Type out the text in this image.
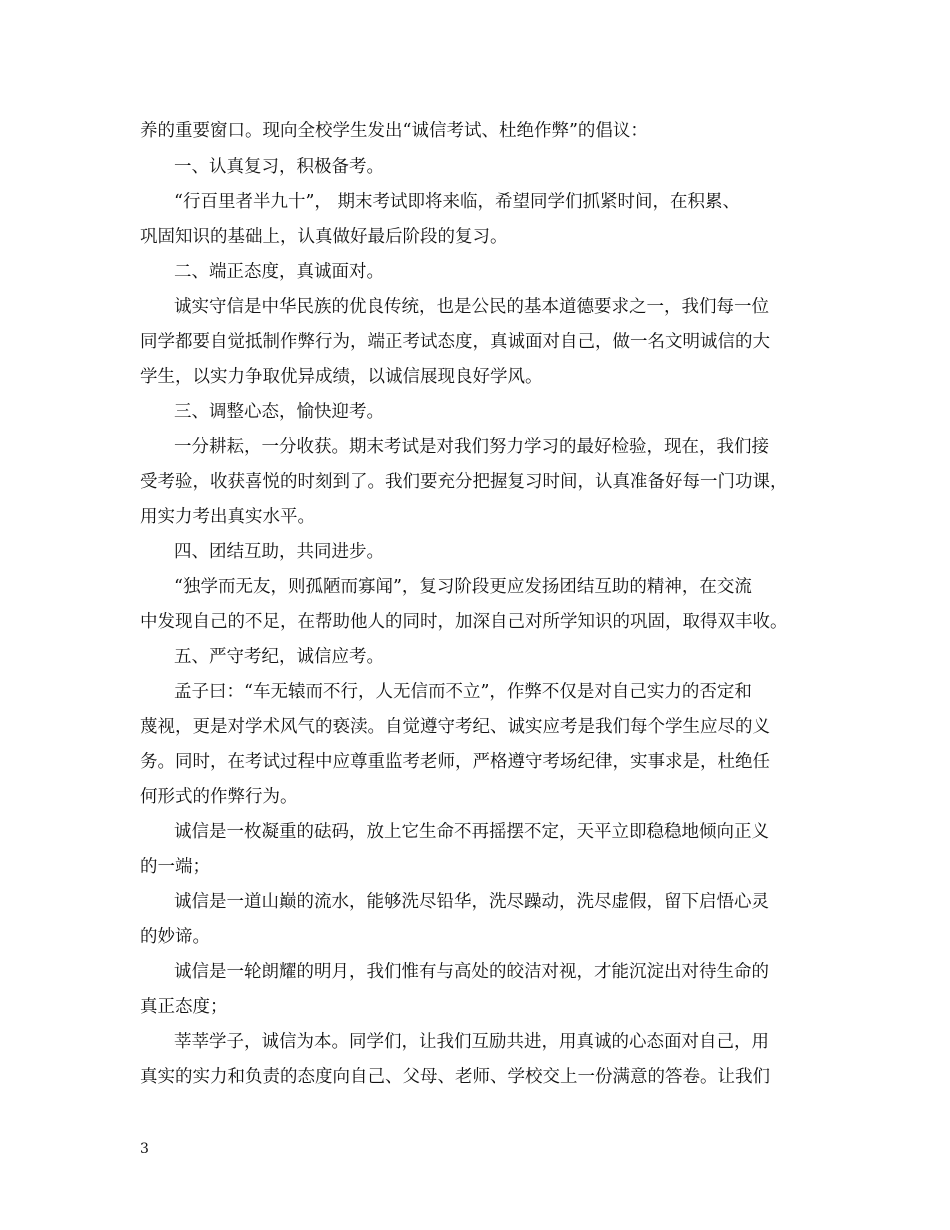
养的重要窗口。现向全校学生发出“诚信考试、杜绝作弊”的倡议：
一、认真复习，积极备考。
“行百里者半九十”， 期末考试即将来临，希望同学们抓紧时间，在积累、
巩固知识的基础上，认真做好最后阶段的复习。
二、端正态度，真诚面对。
诚实守信是中华民族的优良传统，也是公民的基本道德要求之一，我们每一位
同学都要自觉抵制作弊行为，端正考试态度，真诚面对自己，做一名文明诚信的大
学生，以实力争取优异成绩，以诚信展现良好学风。
三、调整心态，愉快迎考。
一分耕耘，一分收获。期末考试是对我们努力学习的最好检验，现在，我们接
受考验，收获喜悦的时刻到了。我们要充分把握复习时间，认真准备好每一门功课，
用实力考出真实水平。
四、团结互助，共同进步。
“独学而无友，则孤陋而寡闻”，复习阶段更应发扬团结互助的精神，在交流
中发现自己的不足，在帮助他人的同时，加深自己对所学知识的巩固，取得双丰收。
五、严守考纪，诚信应考。
孟子曰：“车无辕而不行，人无信而不立”，作弊不仅是对自己实力的否定和
蔑视，更是对学术风气的亵渎。自觉遵守考纪、诚实应考是我们每个学生应尽的义
务。同时，在考试过程中应尊重监考老师，严格遵守考场纪律，实事求是，杜绝任
何形式的作弊行为。
诚信是一枚凝重的砝码，放上它生命不再摇摆不定，天平立即稳稳地倾向正义
的一端；
诚信是一道山巅的流水，能够洗尽铅华，洗尽躁动，洗尽虚假，留下启悟心灵
的妙谛。
诚信是一轮朗耀的明月，我们惟有与高处的皎洁对视，才能沉淀出对待生命的
真正态度；
莘莘学子，诚信为本。同学们，让我们互励共进，用真诚的心态面对自己，用
真实的实力和负责的态度向自己、父母、老师、学校交上一份满意的答卷。让我们
3
